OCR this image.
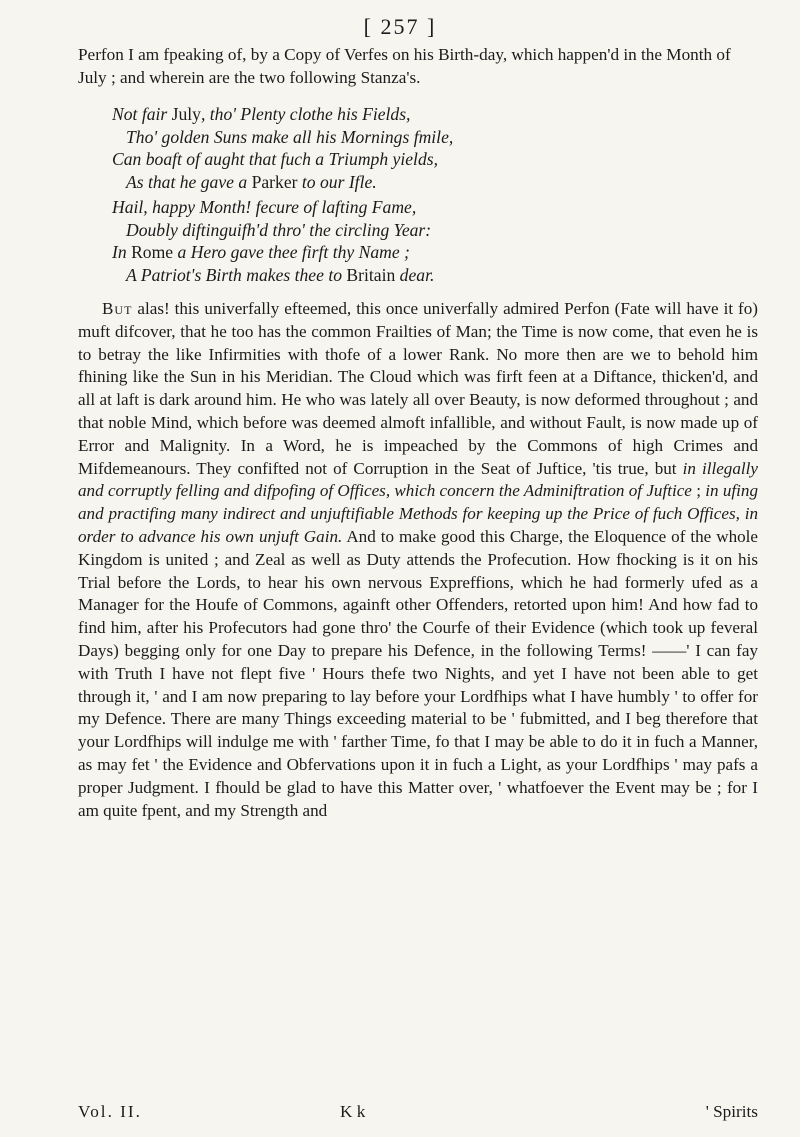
[ 257 ]
Perfon I am fpeaking of, by a Copy of Verfes on his Birth-day, which happen'd in the Month of July ; and wherein are the two following Stanza's.
Not fair July, tho' Plenty clothe his Fields,
Tho' golden Suns make all his Mornings fmile,
Can boaft of aught that fuch a Triumph yields,
As that he gave a Parker to our Ifle.
Hail, happy Month! fecure of lafting Fame,
Doubly diftinguifh'd thro' the circling Year:
In Rome a Hero gave thee firft thy Name ;
A Patriot's Birth makes thee to Britain dear.
But alas! this univerfally efteemed, this once univerfally admired Perfon (Fate will have it fo) muft difcover, that he too has the common Frailties of Man; the Time is now come, that even he is to betray the like Infirmities with thofe of a lower Rank. No more then are we to behold him fhining like the Sun in his Meridian. The Cloud which was firft feen at a Diftance, thicken'd, and all at laft is dark around him. He who was lately all over Beauty, is now deformed throughout ; and that noble Mind, which before was deemed almoft infallible, and without Fault, is now made up of Error and Malignity. In a Word, he is impeached by the Commons of high Crimes and Mifdemeanours. They confifted not of Corruption in the Seat of Juftice, 'tis true, but in illegally and corruptly felling and difpofing of Offices, which concern the Adminiftration of Juftice ; in ufing and practifing many indirect and unjuftifiable Methods for keeping up the Price of fuch Offices, in order to advance his own unjuft Gain. And to make good this Charge, the Eloquence of the whole Kingdom is united ; and Zeal as well as Duty attends the Profecution. How fhocking is it on his Trial before the Lords, to hear his own nervous Expreffions, which he had formerly ufed as a Manager for the Houfe of Commons, againft other Offenders, retorted upon him! And how fad to find him, after his Profecutors had gone thro' the Courfe of their Evidence (which took up feveral Days) begging only for one Day to prepare his Defence, in the following Terms! ——' I can fay with Truth I have not flept five ' Hours thefe two Nights, and yet I have not been able to get through it, ' and I am now preparing to lay before your Lordfhips what I have humbly ' to offer for my Defence. There are many Things exceeding material to be ' fubmitted, and I beg therefore that your Lordfhips will indulge me with ' farther Time, fo that I may be able to do it in fuch a Manner, as may fet ' the Evidence and Obfervations upon it in fuch a Light, as your Lordfhips ' may pafs a proper Judgment. I fhould be glad to have this Matter over, ' whatfoever the Event may be ; for I am quite fpent, and my Strength and
Vol. II.	K k	' Spirits
